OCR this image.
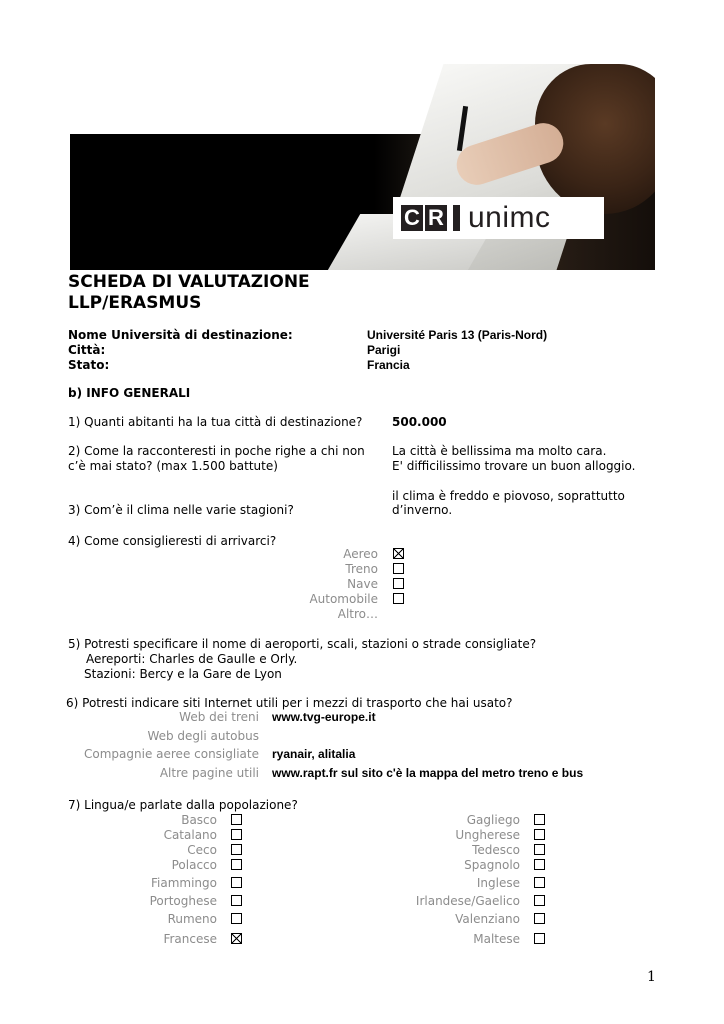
C R unimc
SCHEDA DI VALUTAZIONE
LLP/ERASMUS
Nome Università di destinazione:
Città:
Stato:
Université Paris 13 (Paris-Nord)
Parigi
Francia
b) INFO GENERALI
1) Quanti abitanti ha la tua città di destinazione? 500.000
2) Come la racconteresti in poche righe a chi non
c’è mai stato? (max 1.500 battute)
La città è bellissima ma molto cara.
E' difficilissimo trovare un buon alloggio.
il clima è freddo e piovoso, soprattutto
3) Com’è il clima nelle varie stagioni?	d’inverno.
4) Come consiglieresti di arrivarci?
Aereo
Treno
Nave
Automobile
Altro…
5) Potresti specificare il nome di aeroporti, scali, stazioni o strade consigliate?
Aereporti: Charles de Gaulle e Orly.
Stazioni: Bercy e la Gare de Lyon
6) Potresti indicare siti Internet utili per i mezzi di trasporto che hai usato?
Web dei treni www.tvg-europe.it
Web degli autobus
Compagnie aeree consigliate ryanair, alitalia
Altre pagine utili www.rapt.fr sul sito c'è la mappa del metro treno e bus
7) Lingua/e parlate dalla popolazione?
Basco
Catalano
Ceco
Polacco
Fiammingo
Portoghese
Rumeno
Francese
Gagliego
Ungherese
Tedesco
Spagnolo
Inglese
Irlandese/Gaelico
Valenziano
Maltese
1
